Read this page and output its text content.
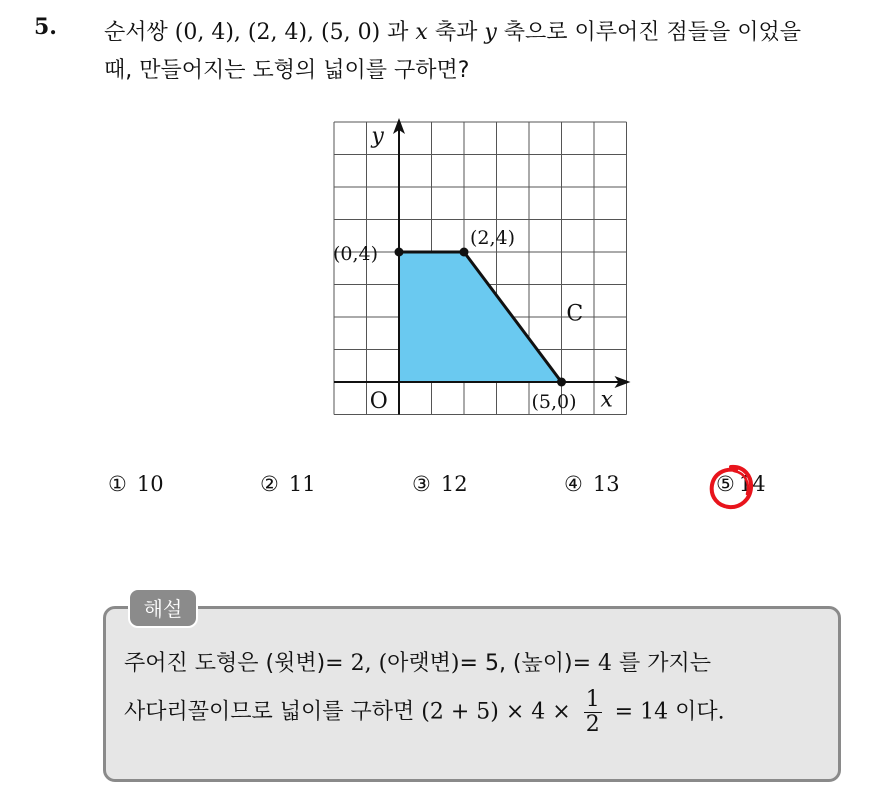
5. 순서쌍 (0, 4), (2, 4), (5, 0) 과 x 축과 y 축으로 이루어진 점들을 이었을
때, 만들어지는 도형의 넓이를 구하면?
(0,4)
(2,4)
(5,0) x
y
O
C
① 10	② 11	③ 12	④ 13	⑤ 14
해설
주어진 도형은 (윗변)= 2, (아랫변)= 5, (높이)= 4 를 가지는
사다리꼴이므로 넓이를 구하면 $(2 + 5) \times 4 \times \frac{1}{2} = 14$ 이다.
